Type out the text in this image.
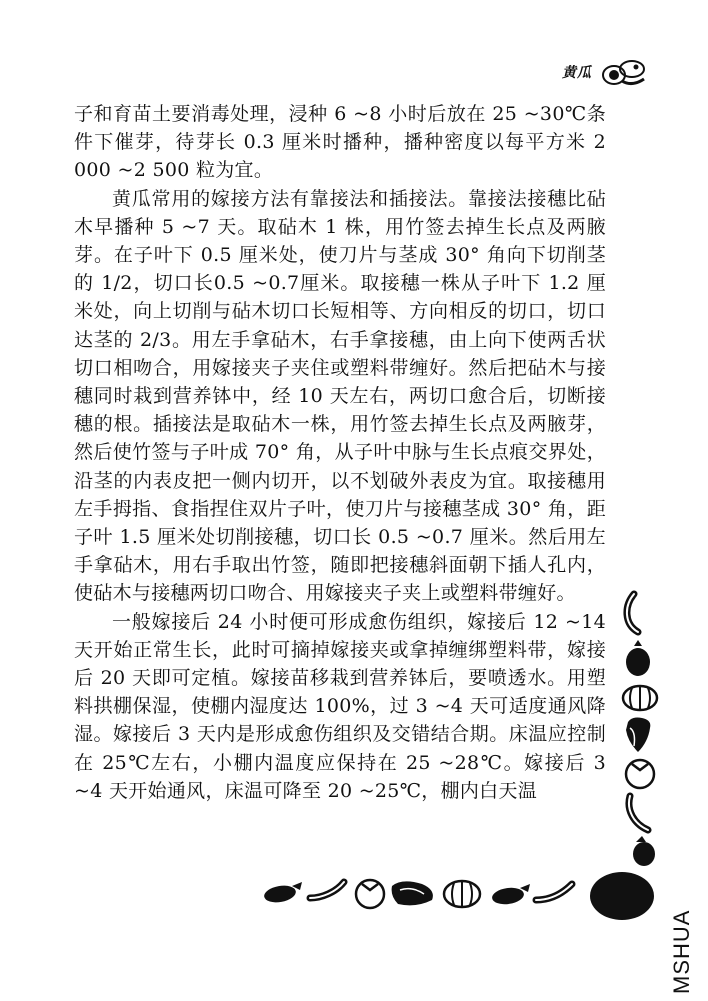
黄瓜

子和育苗土要消毒处理，浸种 6 ~8 小时后放在 25 ~30℃条件下催芽，待芽长 0.3 厘米时播种，播种密度以每平方米 2 000 ~2 500 粒为宜。

黄瓜常用的嫁接方法有靠接法和插接法。靠接法接穗比砧木早播种 5 ~7 天。取砧木 1 株，用竹签去掉生长点及两腋芽。在子叶下 0.5 厘米处，使刀片与茎成 30° 角向下切削茎的 1/2，切口长0.5 ~0.7厘米。取接穗一株从子叶下 1.2 厘米处，向上切削与砧木切口长短相等、方向相反的切口，切口达茎的 2/3。用左手拿砧木，右手拿接穗，由上向下使两舌状切口相吻合，用嫁接夹子夹住或塑料带缠好。然后把砧木与接穗同时栽到营养钵中，经 10 天左右，两切口愈合后，切断接穗的根。插接法是取砧木一株，用竹签去掉生长点及两腋芽，然后使竹签与子叶成 70° 角，从子叶中脉与生长点痕交界处，沿茎的内表皮把一侧内切开，以不划破外表皮为宜。取接穗用左手拇指、食指捏住双片子叶，使刀片与接穗茎成 30° 角，距子叶 1.5 厘米处切削接穗，切口长 0.5 ~0.7 厘米。然后用左手拿砧木，用右手取出竹签，随即把接穗斜面朝下插人孔内，使砧木与接穗两切口吻合、用嫁接夹子夹上或塑料带缠好。

一般嫁接后 24 小时便可形成愈伤组织，嫁接后 12 ~14 天开始正常生长，此时可摘掉嫁接夹或拿掉缠绑塑料带，嫁接后 20 天即可定植。嫁接苗移栽到营养钵后，要喷透水。用塑料拱棚保湿，使棚内湿度达 100%，过 3 ~4 天可适度通风降湿。嫁接后 3 天内是形成愈伤组织及交错结合期。床温应控制在 25℃左右，小棚内温度应保持在 25 ~28℃。嫁接后 3 ~4 天开始通风，床温可降至 20 ~25℃，棚内白天温

MSHUA
